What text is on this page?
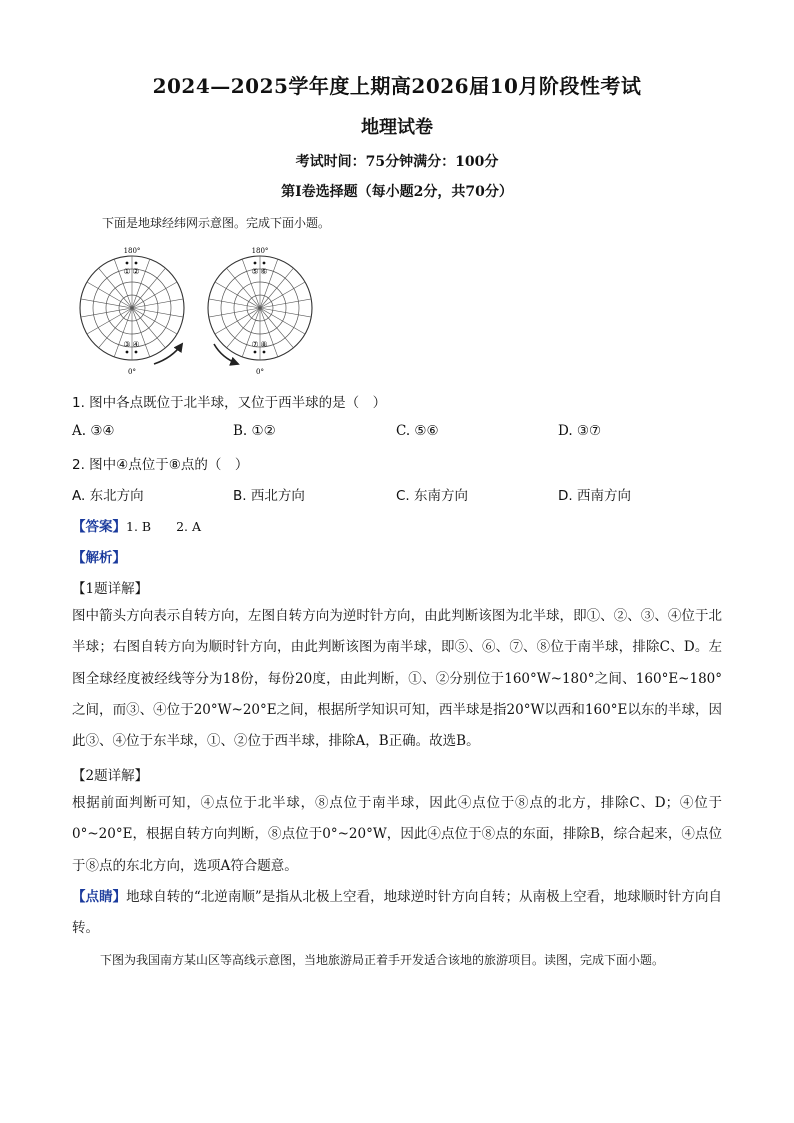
2024—2025学年度上期高2026届10月阶段性考试
地理试卷
考试时间：75分钟满分：100分
第Ⅰ卷选择题（每小题2分，共70分）
下面是地球经纬网示意图。完成下面小题。
180°
0°
180°
0°
① ②
③ ④
⑤ ⑥
⑦ ⑧
1. 图中各点既位于北半球，又位于西半球的是（　）
A. ③④	B. ①②	C. ⑤⑥	D. ③⑦
2. 图中④点位于⑧点的（　）
A. 东北方向	B. 西北方向	C. 东南方向	D. 西南方向
【答案】1. B　　2. A
【解析】
【1题详解】
图中箭头方向表示自转方向，左图自转方向为逆时针方向，由此判断该图为北半球，即①、②、③、④位于北半球；右图自转方向为顺时针方向，由此判断该图为南半球，即⑤、⑥、⑦、⑧位于南半球，排除C、D。左图全球经度被经线等分为18份，每份20度，由此判断，①、②分别位于160°W~180°之间、160°E~180°之间，而③、④位于20°W~20°E之间，根据所学知识可知，西半球是指20°W以西和160°E以东的半球，因此③、④位于东半球，①、②位于西半球，排除A，B正确。故选B。
【2题详解】
根据前面判断可知，④点位于北半球，⑧点位于南半球，因此④点位于⑧点的北方，排除C、D；④位于0°~20°E，根据自转方向判断，⑧点位于0°~20°W，因此④点位于⑧点的东面，排除B，综合起来，④点位于⑧点的东北方向，选项A符合题意。
【点睛】地球自转的“北逆南顺”是指从北极上空看，地球逆时针方向自转；从南极上空看，地球顺时针方向自转。
下图为我国南方某山区等高线示意图，当地旅游局正着手开发适合该地的旅游项目。读图，完成下面小题。
